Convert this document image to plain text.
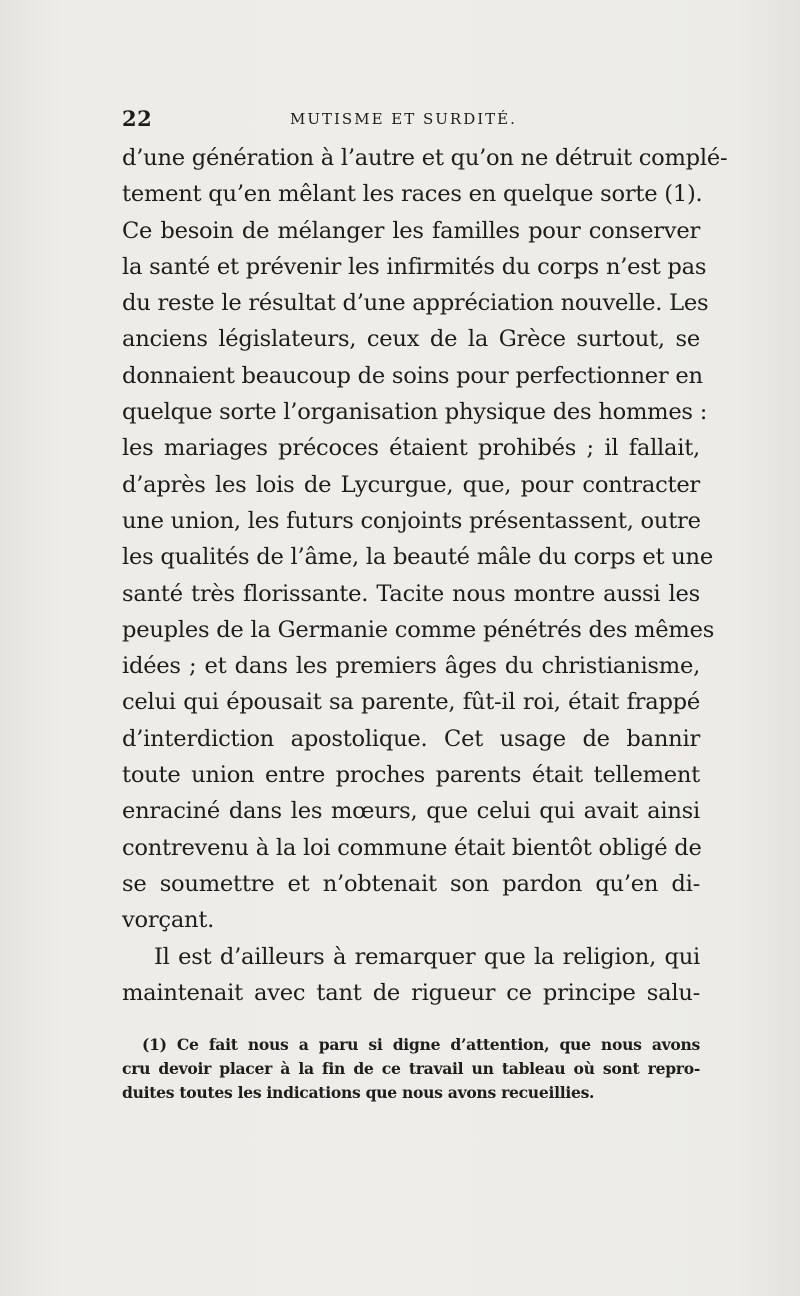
22	MUTISME ET SURDITÉ.
d’une génération à l’autre et qu’on ne détruit complé-
tement qu’en mêlant les races en quelque sorte (1).
Ce besoin de mélanger les familles pour conserver
la santé et prévenir les infirmités du corps n’est pas
du reste le résultat d’une appréciation nouvelle. Les
anciens législateurs, ceux de la Grèce surtout, se
donnaient beaucoup de soins pour perfectionner en
quelque sorte l’organisation physique des hommes :
les mariages précoces étaient prohibés ; il fallait,
d’après les lois de Lycurgue, que, pour contracter
une union, les futurs conjoints présentassent, outre
les qualités de l’âme, la beauté mâle du corps et une
santé très florissante. Tacite nous montre aussi les
peuples de la Germanie comme pénétrés des mêmes
idées ; et dans les premiers âges du christianisme,
celui qui épousait sa parente, fût-il roi, était frappé
d’interdiction apostolique. Cet usage de bannir
toute union entre proches parents était tellement
enraciné dans les mœurs, que celui qui avait ainsi
contrevenu à la loi commune était bientôt obligé de
se soumettre et n’obtenait son pardon qu’en di-
vorçant.
Il est d’ailleurs à remarquer que la religion, qui
maintenait avec tant de rigueur ce principe salu-
(1) Ce fait nous a paru si digne d’attention, que nous avons
cru devoir placer à la fin de ce travail un tableau où sont repro-
duites toutes les indications que nous avons recueillies.
